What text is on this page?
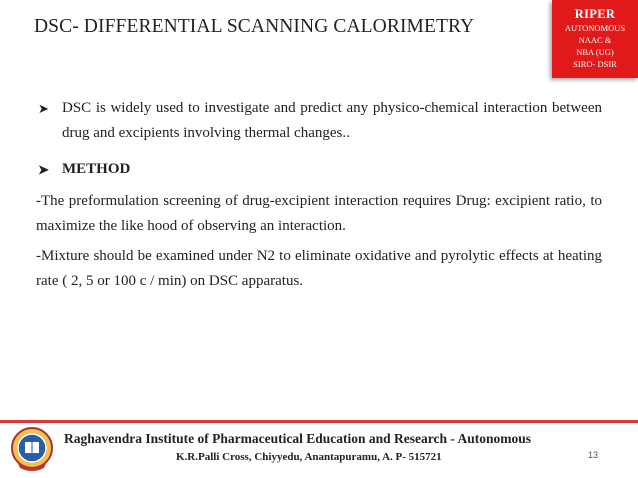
DSC- DIFFERENTIAL SCANNING CALORIMETRY
RIPER
AUTONOMOUS
NAAC &
NBA (UG)
SIRO- DSIR
➤ DSC is widely used to investigate and predict any physico-chemical interaction between drug and excipients involving thermal changes..
➤ METHOD
-The preformulation screening of drug-excipient interaction requires Drug: excipient ratio, to maximize the like hood of observing an interaction.
-Mixture should be examined under N2 to eliminate oxidative and pyrolytic effects at heating rate ( 2, 5 or 100 c / min) on DSC apparatus.
Raghavendra Institute of Pharmaceutical Education and Research - Autonomous
K.R.Palli Cross, Chiyyedu, Anantapuramu, A. P- 515721	13
